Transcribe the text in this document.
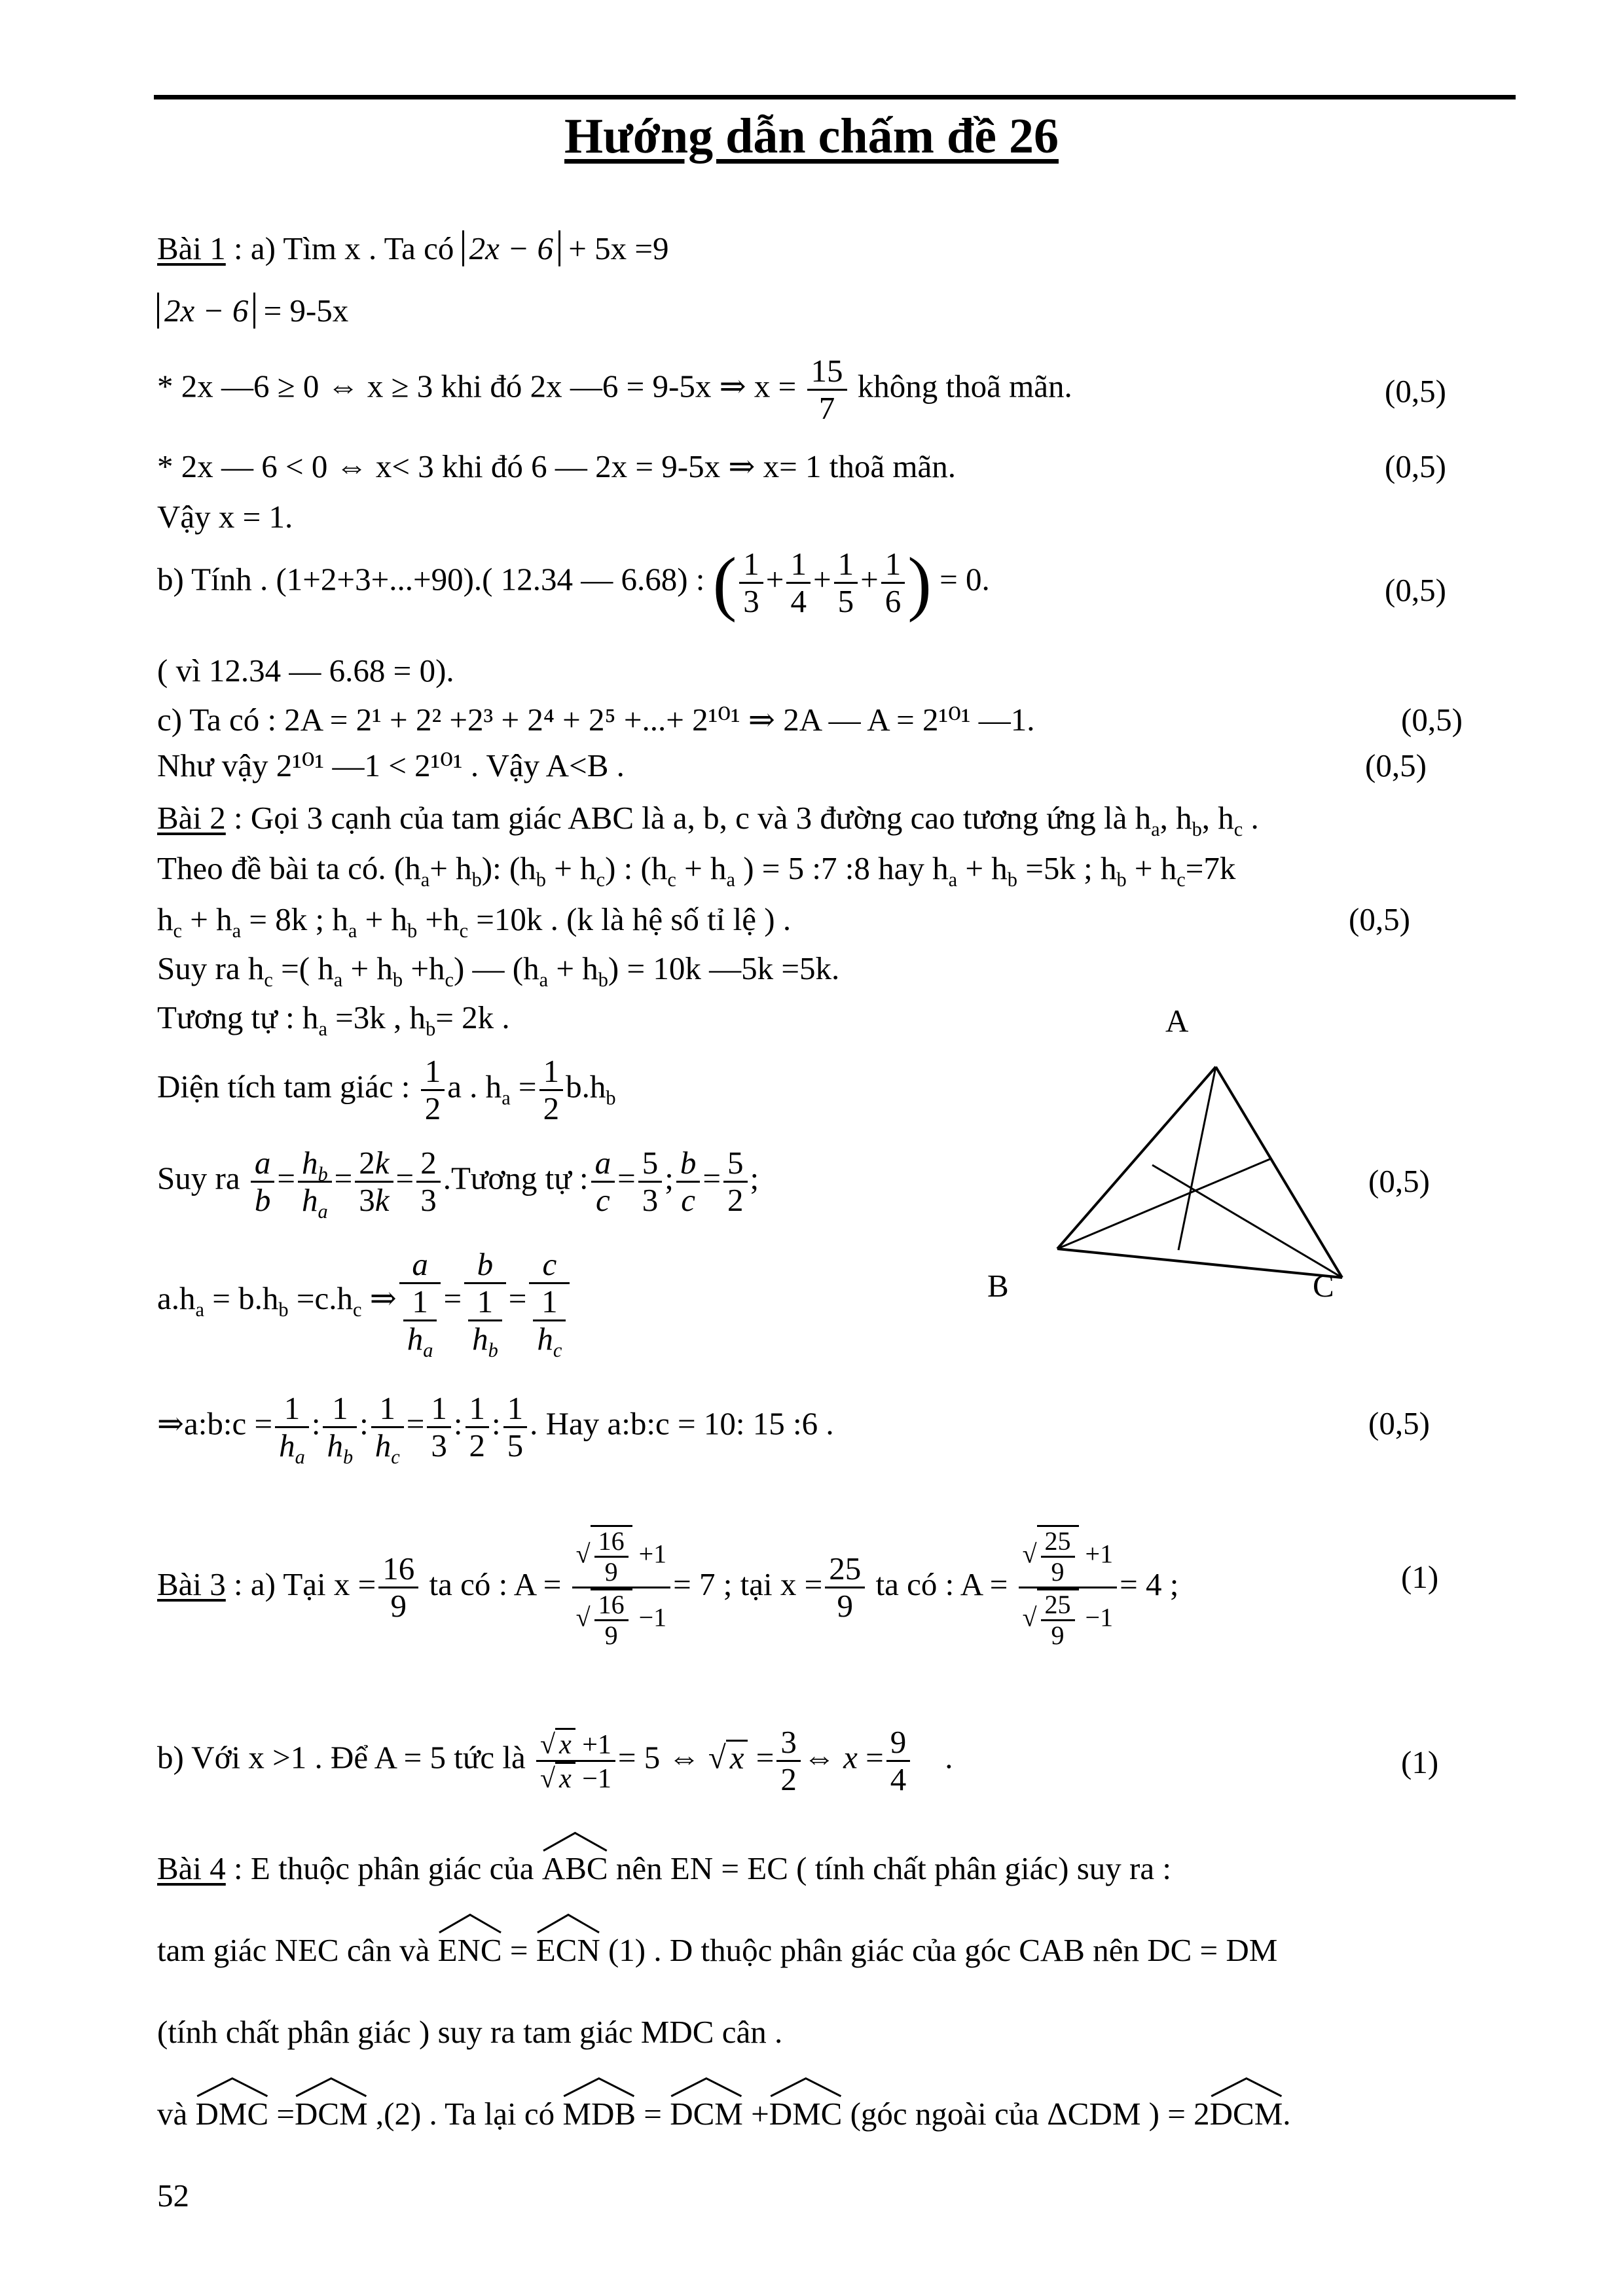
Hướng dẫn chấm đề 26
Bài 1 : a) Tìm x . Ta có 2x − 6 + 5x =9
2x − 6 = 9-5x
* 2x —6 ≥ 0 ⇔ x ≥ 3 khi đó 2x —6 = 9-5x ⇒ $x = \frac{15}{7}$ không thoã mãn.	(0,5)
* 2x — 6 < 0 ⇔ x< 3 khi đó 6 — 2x = 9-5x ⇒ x= 1 thoã mãn.	(0,5)
Vậy x = 1.
b) Tính . (1+2+3+...+90).( 12.34 — 6.68) : ( $\frac{1}{3} + \frac{1}{4} + \frac{1}{5} + \frac{1}{6}$ ) = 0.	(0,5)
( vì 12.34 — 6.68 = 0).
c) Ta có : 2A = 2¹ + 2² +2³ + 2⁴ + 2⁵ +...+ 2¹⁰¹ ⇒ 2A — A = 2¹⁰¹ —1.	(0,5)
Như vậy 2¹⁰¹ —1 < 2¹⁰¹ . Vậy A<B .	(0,5)
Bài 2 : Gọi 3 cạnh của tam giác ABC là a, b, c và 3 đường cao tương ứng là $h_a$, $h_b$, $h_c$ .
Theo đề bài ta có. $(h_a+ h_b)$: $(h_b + h_c)$ : ($h_c + h_a$ ) = 5 :7 :8 hay $h_a + h_b =5k$ ; $h_b + h_c=7k$
$h_c + h_a = 8k$ ; $h_a + h_b +h_c =10k$ . (k là hệ số tỉ lệ ) .	(0,5)
Suy ra $h_c$ =( $h_a + h_b +h_c$) — $(h_a + h_b) = 10k$ —5k =5k.
Tương tự : $h_a =3k$ , $h_b= 2k$ .
Diện tích tam giác : $\frac{1}{2}$ a . $h_a = \frac{1}{2} b.h_b$
Suy ra $\frac{a}{b} = \frac{h_b}{h_a} = \frac{2k}{3k} = \frac{2}{3}$ .Tương tự : $\frac{a}{c} = \frac{5}{3}$ ; $\frac{b}{c} = \frac{5}{2}$ ;	(0,5)
$a.h_a = b.h_b =c.h_c$ ⇒ $\frac{a}{\frac{1}{h_a}} = \frac{b}{\frac{1}{h_b}} = \frac{c}{\frac{1}{h_c}}$
⇒a:b:c = $\frac{1}{h_a}$ : $\frac{1}{h_b}$ : $\frac{1}{h_c} = \frac{1}{3}$ : $\frac{1}{2}$ : $\frac{1}{5}$ . Hay a:b:c = 10: 15 :6 .	(0,5)
A
B	C
Bài 3 : a) Tại $x = \frac{16}{9}$ ta có : $A = \frac{√ \frac{16}{9} +1}{√ \frac{16}{9} -1} = 7$ ; tại $x = \frac{25}{9}$ ta có : $A = \frac{√ \frac{25}{9} +1}{√ \frac{25}{9} -1} = 4$ ;	(1)
b) Với x >1 . Để A = 5 tức là $\frac{√ x +1}{√ x -1} = 5$ ⇔ √ $x = \frac{3}{2}$ ⇔ $x = \frac{9}{4}$ .	(1)
Bài 4 : E thuộc phân giác của
ABC nên EN = EC ( tính chất phân giác) suy ra :
tam giác NEC cân và
ENC =
ECN (1) . D thuộc phân giác của góc CAB nên DC = DM
(tính chất phân giác ) suy ra tam giác MDC cân .
và
DMC =
DCM ,(2) . Ta lại có
MDB =
DCM +
DMC (góc ngoài của ΔCDM ) = 2
DCM.
52
